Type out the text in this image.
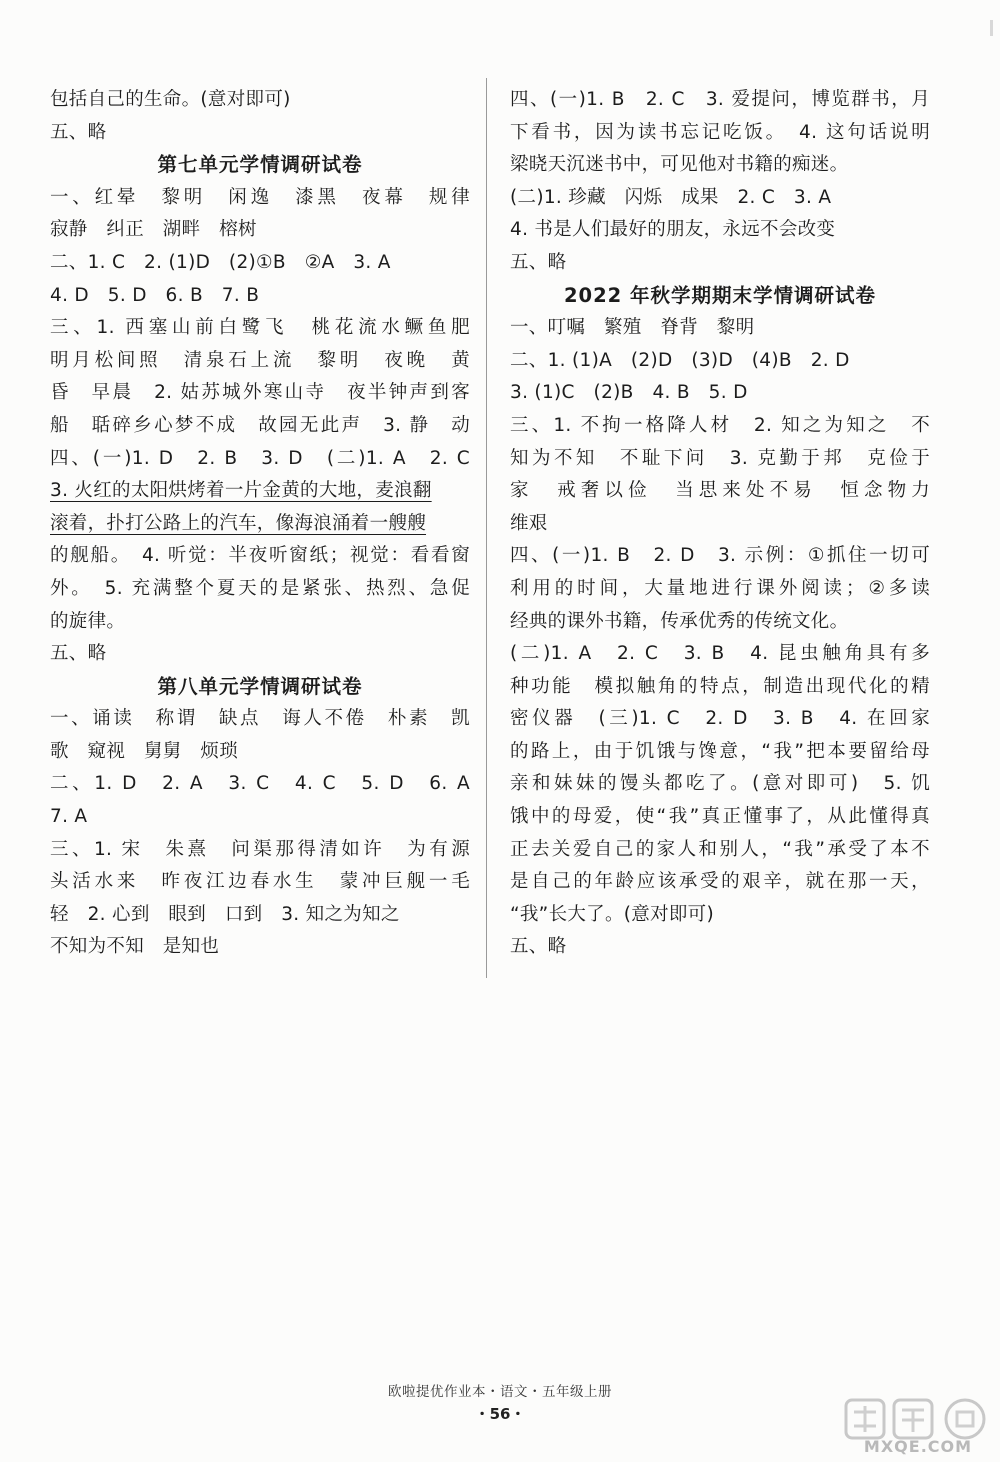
包括自己的生命。(意对即可)
五、略
第七单元学情调研试卷
一、红晕　黎明　闲逸　漆黑　夜幕　规律
寂静　纠正　湖畔　榕树
二、1. C　2. (1)D　(2)①B　②A　3. A
4. D　5. D　6. B　7. B
三、1. 西塞山前白鹭飞　桃花流水鳜鱼肥
明月松间照　清泉石上流　黎明　夜晚　黄
昏　早晨　2. 姑苏城外寒山寺　夜半钟声到客
船　聒碎乡心梦不成　故园无此声　3. 静　动
四、(一)1. D　2. B　3. D　(二)1. A　2. C
3. 火红的太阳烘烤着一片金黄的大地，麦浪翻
滚着，扑打公路上的汽车，像海浪涌着一艘艘
的舰船。　4. 听觉：半夜听窗纸；视觉：看看窗
外。　5. 充满整个夏天的是紧张、热烈、急促
的旋律。
五、略
第八单元学情调研试卷
一、诵读　称谓　缺点　诲人不倦　朴素　凯
歌　窥视　舅舅　烦琐
二、1. D　2. A　3. C　4. C　5. D　6. A
7. A
三、1. 宋　朱熹　问渠那得清如许　为有源
头活水来　昨夜江边春水生　蒙冲巨舰一毛
轻　2. 心到　眼到　口到　3. 知之为知之
不知为不知　是知也
四、(一)1. B　2. C　3. 爱提问，博览群书，月
下看书，因为读书忘记吃饭。　4. 这句话说明
梁晓天沉迷书中，可见他对书籍的痴迷。
(二)1. 珍藏　闪烁　成果　2. C　3. A
4. 书是人们最好的朋友，永远不会改变
五、略
2022 年秋学期期末学情调研试卷
一、叮嘱　繁殖　脊背　黎明
二、1. (1)A　(2)D　(3)D　(4)B　2. D
3. (1)C　(2)B　4. B　5. D
三、1. 不拘一格降人材　2. 知之为知之　不
知为不知　不耻下问　3. 克勤于邦　克俭于
家　戒奢以俭　当思来处不易　恒念物力
维艰
四、(一)1. B　2. D　3. 示例：①抓住一切可
利用的时间，大量地进行课外阅读；②多读
经典的课外书籍，传承优秀的传统文化。
(二)1. A　2. C　3. B　4. 昆虫触角具有多
种功能　模拟触角的特点，制造出现代化的精
密仪器　(三)1. C　2. D　3. B　4. 在回家
的路上，由于饥饿与馋意，“我”把本要留给母
亲和妹妹的馒头都吃了。(意对即可)　5. 饥
饿中的母爱，使“我”真正懂事了，从此懂得真
正去关爱自己的家人和别人，“我”承受了本不
是自己的年龄应该承受的艰辛，就在那一天，
“我”长大了。(意对即可)
五、略
欧啦提优作业本・语文・五年级上册
・56・
MXQE.COM
